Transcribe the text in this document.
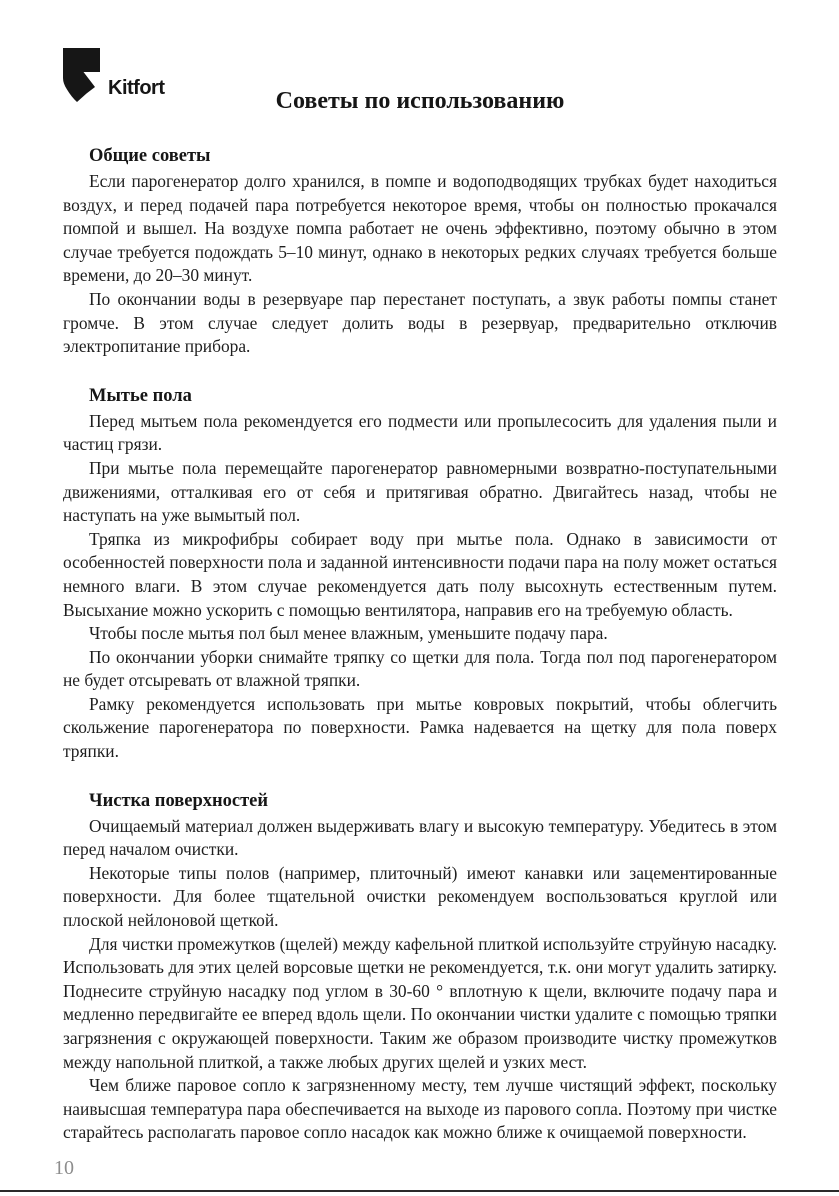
Kitfort	Советы по использованию
Общие советы

Если парогенератор долго хранился, в помпе и водоподводящих трубках будет находиться воздух, и перед подачей пара потребуется некоторое время, чтобы он полностью прокачался помпой и вышел. На воздухе помпа работает не очень эффективно, поэтому обычно в этом случае требуется подождать 5–10 минут, однако в некоторых редких случаях требуется больше времени, до 20–30 минут.

По окончании воды в резервуаре пар перестанет поступать, а звук работы помпы станет громче. В этом случае следует долить воды в резервуар, предварительно отключив электропитание прибора.

Мытье пола

Перед мытьем пола рекомендуется его подмести или пропылесосить для удаления пыли и частиц грязи.

При мытье пола перемещайте парогенератор равномерными возвратно-поступательными движениями, отталкивая его от себя и притягивая обратно. Двигайтесь назад, чтобы не наступать на уже вымытый пол.

Тряпка из микрофибры собирает воду при мытье пола. Однако в зависимости от особенностей поверхности пола и заданной интенсивности подачи пара на полу может остаться немного влаги. В этом случае рекомендуется дать полу высохнуть естественным путем. Высыхание можно ускорить с помощью вентилятора, направив его на требуемую область.

Чтобы после мытья пол был менее влажным, уменьшите подачу пара.

По окончании уборки снимайте тряпку со щетки для пола. Тогда пол под парогенератором не будет отсыревать от влажной тряпки.

Рамку рекомендуется использовать при мытье ковровых покрытий, чтобы облегчить скольжение парогенератора по поверхности. Рамка надевается на щетку для пола поверх тряпки.

Чистка поверхностей

Очищаемый материал должен выдерживать влагу и высокую температуру. Убедитесь в этом перед началом очистки.

Некоторые типы полов (например, плиточный) имеют канавки или зацементированные поверхности. Для более тщательной очистки рекомендуем воспользоваться круглой или плоской нейлоновой щеткой.

Для чистки промежутков (щелей) между кафельной плиткой используйте струйную насадку. Использовать для этих целей ворсовые щетки не рекомендуется, т.к. они могут удалить затирку. Поднесите струйную насадку под углом в 30-60 ° вплотную к щели, включите подачу пара и медленно передвигайте ее вперед вдоль щели. По окончании чистки удалите с помощью тряпки загрязнения с окружающей поверхности. Таким же образом производите чистку промежутков между напольной плиткой, а также любых других щелей и узких мест.

Чем ближе паровое сопло к загрязненному месту, тем лучше чистящий эффект, поскольку наивысшая температура пара обеспечивается на выходе из парового сопла. Поэтому при чистке старайтесь располагать паровое сопло насадок как можно ближе к очищаемой поверхности.

10
